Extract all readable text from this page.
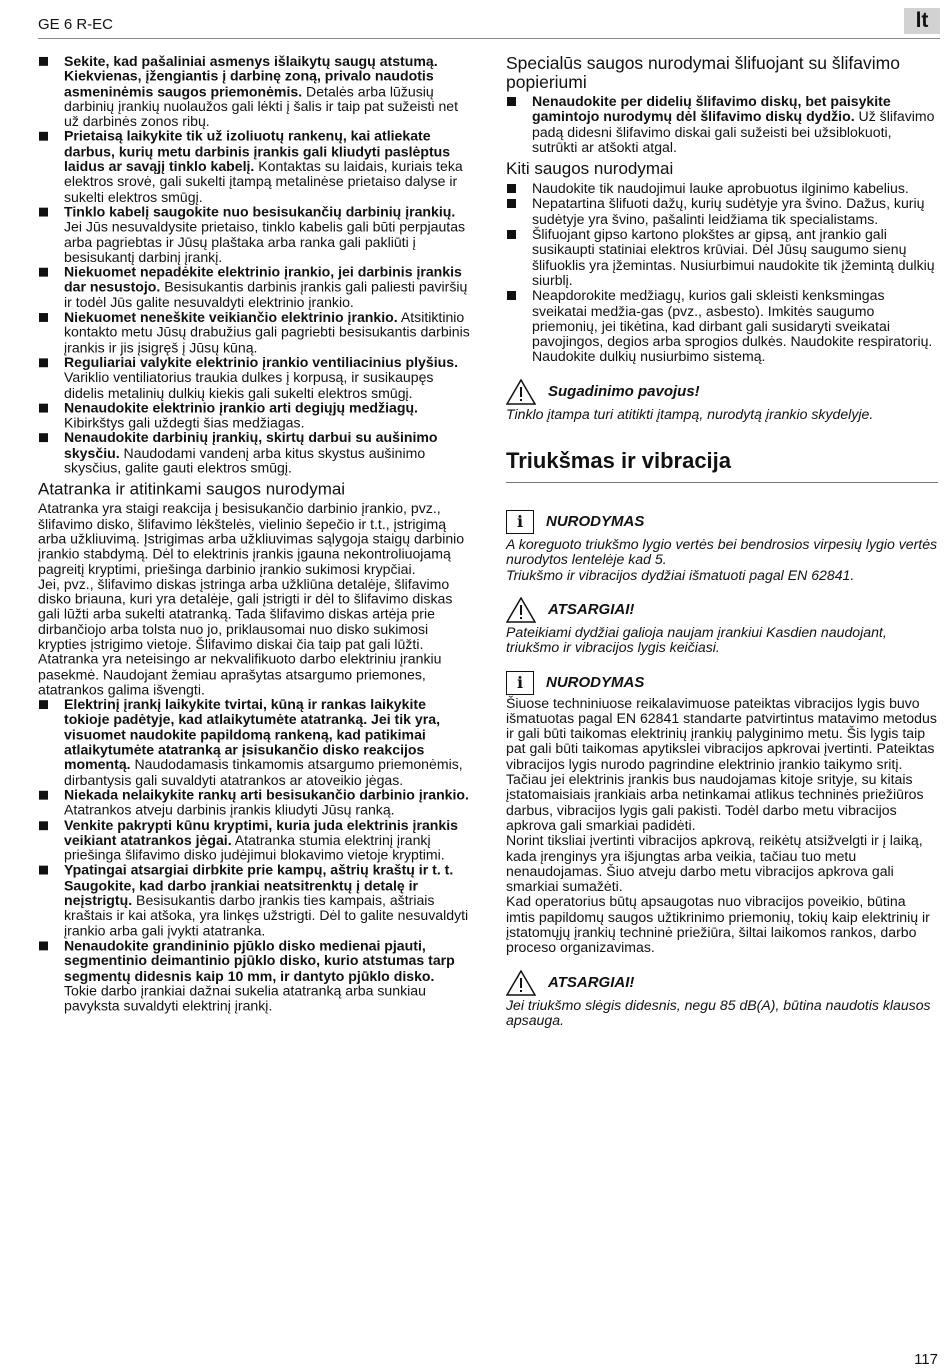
GE 6 R-EC	lt
Sekite, kad pašaliniai asmenys išlaikytų saugų atstumą. Kiekvienas, įžengiantis į darbinę zoną, privalo naudotis asmeninėmis saugos priemonėmis. Detalės arba lūžusių darbinių įrankių nuolaužos gali lėkti į šalis ir taip pat sužeisti net už darbinės zonos ribų.
Prietaisą laikykite tik už izoliuotų rankenų, kai atliekate darbus, kurių metu darbinis įrankis gali kliudyti paslėptus laidus ar savąjį tinklo kabelį. Kontaktas su laidais, kuriais teka elektros srovė, gali sukelti įtampą metalinėse prietaiso dalyse ir sukelti elektros smūgį.
Tinklo kabelį saugokite nuo besisukančių darbinių įrankių. Jei Jūs nesuvaldysite prietaiso, tinklo kabelis gali būti perpjautas arba pagriebtas ir Jūsų plaštaka arba ranka gali pakliūti į besisukantį darbinį įrankį.
Niekuomet nepadėkite elektrinio įrankio, jei darbinis įrankis dar nesustojo. Besisukantis darbinis įrankis gali paliesti paviršių ir todėl Jūs galite nesuvaldyti elektrinio įrankio.
Niekuomet neneškite veikiančio elektrinio įrankio. Atsitiktinio kontakto metu Jūsų drabužius gali pagriebti besisukantis darbinis įrankis ir jis įsigręš į Jūsų kūną.
Reguliariai valykite elektrinio įrankio ventiliacinius plyšius. Variklio ventiliatorius traukia dulkes į korpusą, ir susikaupęs didelis metalinių dulkių kiekis gali sukelti elektros smūgį.
Nenaudokite elektrinio įrankio arti degiųjų medžiagų. Kibirkštys gali uždegti šias medžiagas.
Nenaudokite darbinių įrankių, skirtų darbui su aušinimo skysčiu. Naudodami vandenį arba kitus skystus aušinimo skysčius, galite gauti elektros smūgį.
Atatranka ir atitinkami saugos nurodymai

Atatranka yra staigi reakcija į besisukančio darbinio įrankio, pvz., šlifavimo disko, šlifavimo lėkštelės, vielinio šepečio ir t.t., įstrigimą arba užkliuvimą. Įstrigimas arba užkliuvimas sąlygoja staigų darbinio įrankio stabdymą. Dėl to elektrinis įrankis įgauna nekontroliuojamą pagreitį kryptimi, priešinga darbinio įrankio sukimosi krypčiai.

Jei, pvz., šlifavimo diskas įstringa arba užkliūna detalėje, šlifavimo disko briauna, kuri yra detalėje, gali įstrigti ir dėl to šlifavimo diskas gali lūžti arba sukelti atatranką. Tada šlifavimo diskas artėja prie dirbančiojo arba tolsta nuo jo, priklausomai nuo disko sukimosi krypties įstrigimo vietoje. Šlifavimo diskai čia taip pat gali lūžti.

Atatranka yra neteisingo ar nekvalifikuoto darbo elektriniu įrankiu pasekmė. Naudojant žemiau aprašytas atsargumo priemones, atatrankos galima išvengti.

Elektrinį įrankį laikykite tvirtai, kūną ir rankas laikykite tokioje padėtyje, kad atlaikytumėte atatranką. Jei tik yra, visuomet naudokite papildomą rankeną, kad patikimai atlaikytumėte atatranką ar įsisukančio disko reakcijos momentą. Naudodamasis tinkamomis atsargumo priemonėmis, dirbantysis gali suvaldyti atatrankos ar atoveikio jėgas.
Niekada nelaikykite rankų arti besisukančio darbinio įrankio. Atatrankos atveju darbinis įrankis kliudyti Jūsų ranką.
Venkite pakrypti kūnu kryptimi, kuria juda elektrinis įrankis veikiant atatrankos jėgai. Atatranka stumia elektrinį įrankį priešinga šlifavimo disko judėjimui blokavimo vietoje kryptimi.
Ypatingai atsargiai dirbkite prie kampų, aštrių kraštų ir t. t. Saugokite, kad darbo įrankiai neatsitrenktų į detalę ir neįstrigtų. Besisukantis darbo įrankis ties kampais, aštriais kraštais ir kai atšoka, yra linkęs užstrigti. Dėl to galite nesuvaldyti įrankio arba gali įvykti atatranka.
Nenaudokite grandininio pjūklo disko medienai pjauti, segmentinio deimantinio pjūklo disko, kurio atstumas tarp segmentų didesnis kaip 10 mm, ir dantyto pjūklo disko. Tokie darbo įrankiai dažnai sukelia atatranką arba sunkiau pavyksta suvaldyti elektrinį įrankį.
Specialūs saugos nurodymai šlifuojant su šlifavimo popieriumi
Nenaudokite per didelių šlifavimo diskų, bet paisykite gamintojo nurodymų dėl šlifavimo diskų dydžio. Už šlifavimo padą didesni šlifavimo diskai gali sužeisti bei užsiblokuoti, sutrūkti ar atšokti atgal.
Kiti saugos nurodymai
Naudokite tik naudojimui lauke aprobuotus ilginimo kabelius.
Nepatartina šlifuoti dažų, kurių sudėtyje yra švino. Dažus, kurių sudėtyje yra švino, pašalinti leidžiama tik specialistams.
Šlifuojant gipso kartono plokštes ar gipsą, ant įrankio gali susikaupti statiniai elektros krūviai. Dėl Jūsų saugumo sienų šlifuoklis yra įžemintas. Nusiurbimui naudokite tik įžemintą dulkių siurblį.
Neapdorokite medžiagų, kurios gali skleisti kenksmingas sveikatai medžia-gas (pvz., asbesto). Imkitės saugumo priemonių, jei tikėtina, kad dirbant gali susidaryti sveikatai pavojingos, degios arba sprogios dulkės. Naudokite respiratorių.

Naudokite dulkių nusiurbimo sistemą.

Sugadinimo pavojus!

Tinklo įtampa turi atitikti įtampą, nurodytą įrankio skydelyje.

Triukšmas ir vibracija
i	NURODYMAS

A koreguoto triukšmo lygio vertės bei bendrosios virpesių lygio vertės nurodytos lentelėje kad 5.
Triukšmo ir vibracijos dydžiai išmatuoti pagal EN 62841.

ATSARGIAI!

Pateikiami dydžiai galioja naujam įrankiui Kasdien naudojant, triukšmo ir vibracijos lygis keičiasi.

i	NURODYMAS

Šiuose techniniuose reikalavimuose pateiktas vibracijos lygis buvo išmatuotas pagal EN 62841 standarte patvirtintus matavimo metodus ir gali būti taikomas elektrinių įrankių palyginimo metu. Šis lygis taip pat gali būti taikomas apytikslei vibracijos apkrovai įvertinti. Pateiktas vibracijos lygis nurodo pagrindine elektrinio įrankio taikymo sritį.

Tačiau jei elektrinis įrankis bus naudojamas kitoje srityje, su kitais įstatomaisiais įrankiais arba netinkamai atlikus techninės priežiūros darbus, vibracijos lygis gali pakisti. Todėl darbo metu vibracijos apkrova gali smarkiai padidėti.

Norint tiksliai įvertinti vibracijos apkrovą, reikėtų atsižvelgti ir į laiką, kada įrenginys yra išjungtas arba veikia, tačiau tuo metu nenaudojamas. Šiuo atveju darbo metu vibracijos apkrova gali smarkiai sumažėti.

Kad operatorius būtų apsaugotas nuo vibracijos poveikio, būtina imtis papildomų saugos užtikrinimo priemonių, tokių kaip elektrinių ir įstatomųjų įrankių techninė priežiūra, šiltai laikomos rankos, darbo proceso organizavimas.

ATSARGIAI!

Jei triukšmo slėgis didesnis, negu 85 dB(A), būtina naudotis klausos apsauga.

117
